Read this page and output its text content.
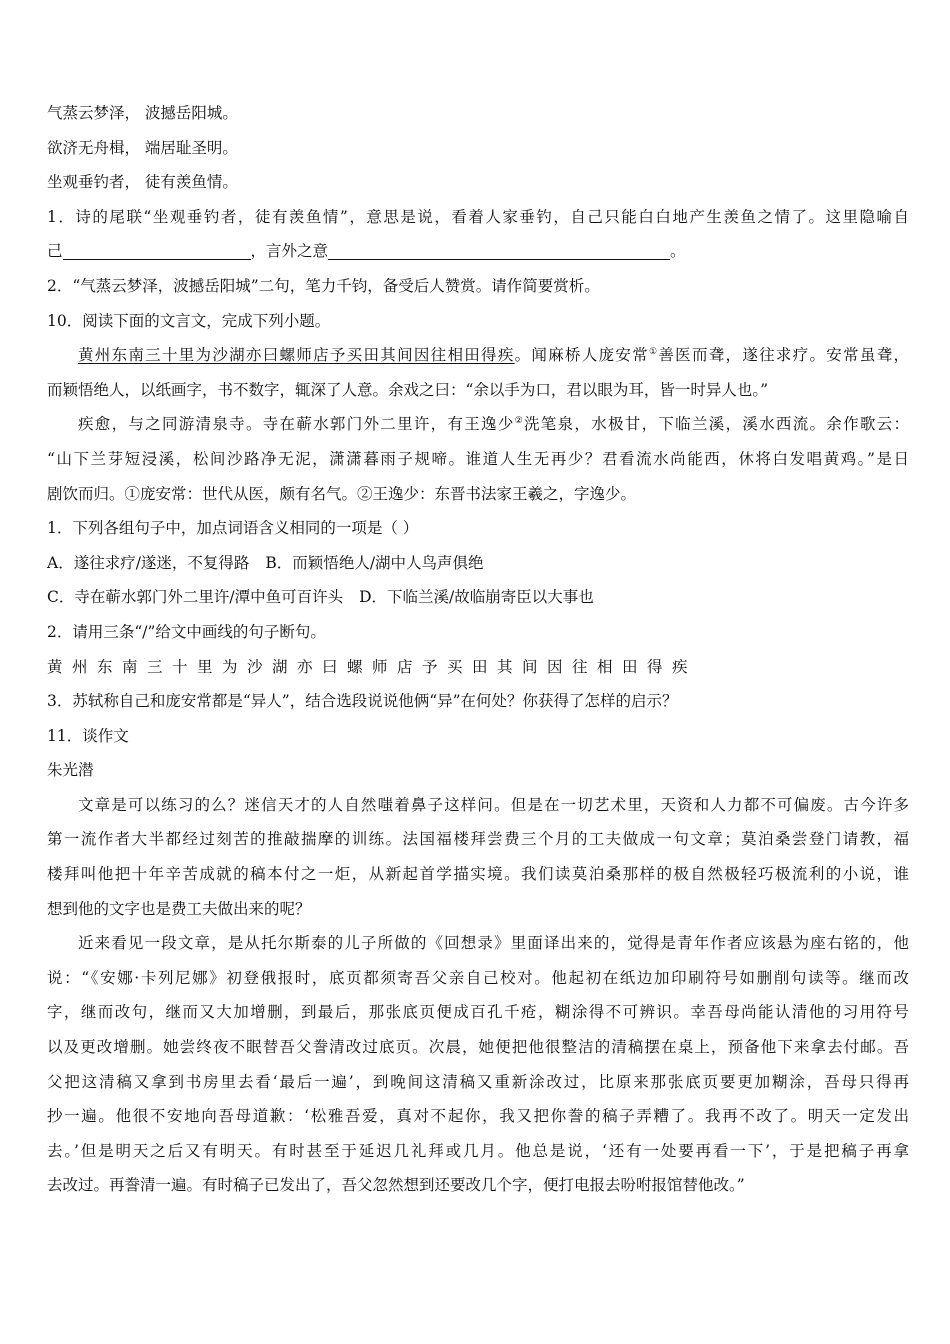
气蒸云梦泽， 波撼岳阳城。
欲济无舟楫， 端居耻圣明。
坐观垂钓者， 徒有羡鱼情。
1．诗的尾联“坐观垂钓者，徒有羡鱼情”，意思是说，看着人家垂钓，自己只能白白地产生羡鱼之情了。这里隐喻自
己	，言外之意	。
2．“气蒸云梦泽，波撼岳阳城”二句，笔力千钧，备受后人赞赏。请作简要赏析。
10．阅读下面的文言文，完成下列小题。
黄州东南三十里为沙湖亦曰螺师店予买田其间因往相田得疾。闻麻桥人庞安常①善医而聋，遂往求疗。安常虽聋，
而颖悟绝人，以纸画字，书不数字，辄深了人意。余戏之曰：“余以手为口，君以眼为耳，皆一时异人也。”
疾愈，与之同游清泉寺。寺在蕲水郭门外二里许，有王逸少②洗笔泉，水极甘，下临兰溪，溪水西流。余作歌云：
“山下兰芽短浸溪，松间沙路净无泥，潇潇暮雨子规啼。谁道人生无再少？君看流水尚能西，休将白发唱黄鸡。”是日
剧饮而归。①庞安常：世代从医，颇有名气。②王逸少：东晋书法家王羲之，字逸少。
1．下列各组句子中，加点词语含义相同的一项是（ ）
A．遂往求疗/遂迷，不复得路 B．而颖悟绝人/湖中人鸟声俱绝
C．寺在蕲水郭门外二里许/潭中鱼可百许头 D．下临兰溪/故临崩寄臣以大事也
2．请用三条“/”给文中画线的句子断句。
黄州东南三十里为沙湖亦曰螺师店予买田其间因往相田得疾
3．苏轼称自己和庞安常都是“异人”，结合选段说说他俩“异”在何处？你获得了怎样的启示？
11．谈作文
朱光潜
文章是可以练习的么？迷信天才的人自然嗤着鼻子这样问。但是在一切艺术里，天资和人力都不可偏废。古今许多
第一流作者大半都经过刻苦的推敲揣摩的训练。法国福楼拜尝费三个月的工夫做成一句文章；莫泊桑尝登门请教，福
楼拜叫他把十年辛苦成就的稿本付之一炬，从新起首学描实境。我们读莫泊桑那样的极自然极轻巧极流利的小说，谁
想到他的文字也是费工夫做出来的呢？
近来看见一段文章，是从托尔斯泰的儿子所做的《回想录》里面译出来的，觉得是青年作者应该悬为座右铭的，他
说：“《安娜·卡列尼娜》初登俄报时，底页都须寄吾父亲自己校对。他起初在纸边加印刷符号如删削句读等。继而改
字，继而改句，继而又大加增删，到最后，那张底页便成百孔千疮，糊涂得不可辨识。幸吾母尚能认清他的习用符号
以及更改增删。她尝终夜不眠替吾父誊清改过底页。次晨，她便把他很整洁的清稿摆在桌上，预备他下来拿去付邮。吾
父把这清稿又拿到书房里去看‘最后一遍’，到晚间这清稿又重新涂改过，比原来那张底页要更加糊涂，吾母只得再
抄一遍。他很不安地向吾母道歉：‘松雅吾爱，真对不起你，我又把你誊的稿子弄糟了。我再不改了。明天一定发出
去。’但是明天之后又有明天。有时甚至于延迟几礼拜或几月。他总是说，‘还有一处要再看一下’，于是把稿子再拿
去改过。再誊清一遍。有时稿子已发出了，吾父忽然想到还要改几个字，便打电报去吩咐报馆替他改。”
